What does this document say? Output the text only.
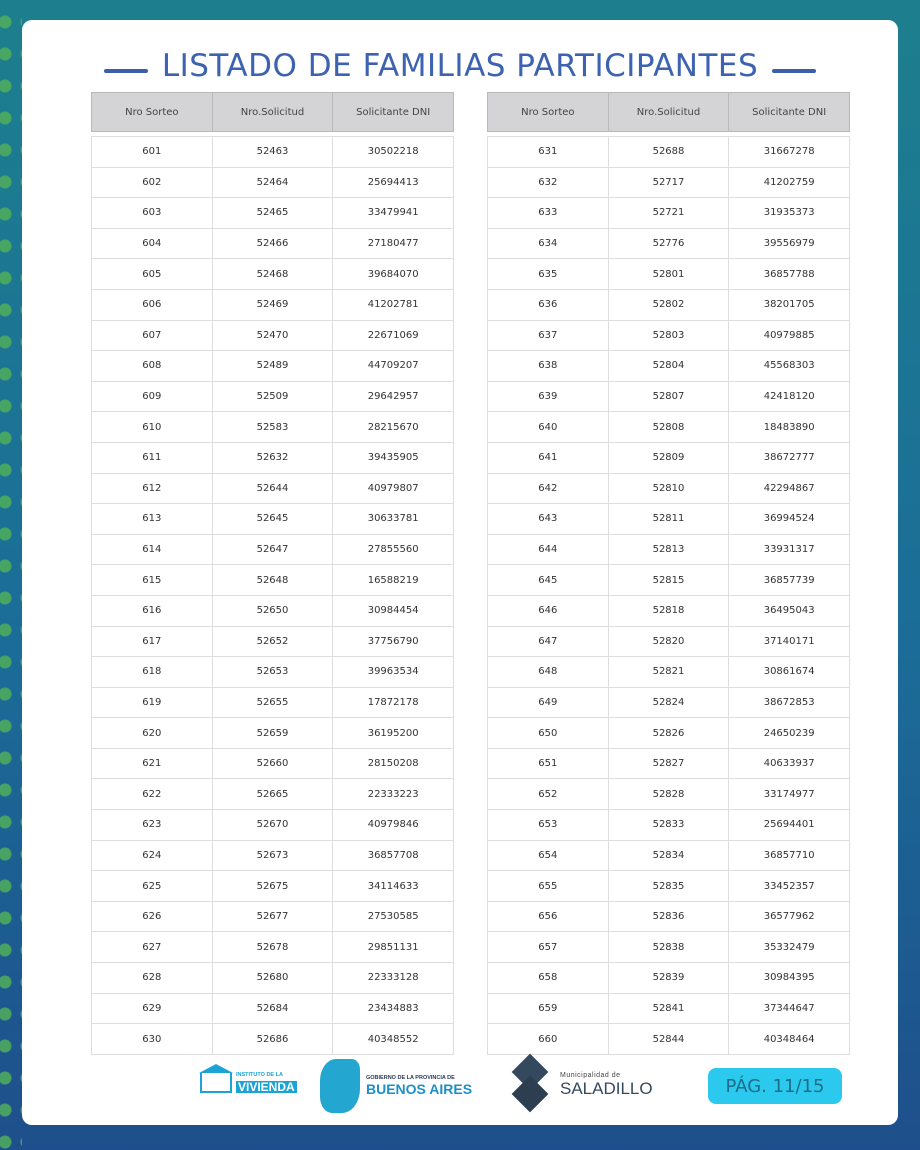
LISTADO DE FAMILIAS PARTICIPANTES
Nro Sorteo	Nro.Solicitud	Solicitante DNI

601	52463	30502218
602	52464	25694413
603	52465	33479941
604	52466	27180477
605	52468	39684070
606	52469	41202781
607	52470	22671069
608	52489	44709207
609	52509	29642957
610	52583	28215670
611	52632	39435905
612	52644	40979807
613	52645	30633781
614	52647	27855560
615	52648	16588219
616	52650	30984454
617	52652	37756790
618	52653	39963534
619	52655	17872178
620	52659	36195200
621	52660	28150208
622	52665	22333223
623	52670	40979846
624	52673	36857708
625	52675	34114633
626	52677	27530585
627	52678	29851131
628	52680	22333128
629	52684	23434883
630	52686	40348552
Nro Sorteo	Nro.Solicitud	Solicitante DNI

631	52688	31667278
632	52717	41202759
633	52721	31935373
634	52776	39556979
635	52801	36857788
636	52802	38201705
637	52803	40979885
638	52804	45568303
639	52807	42418120
640	52808	18483890
641	52809	38672777
642	52810	42294867
643	52811	36994524
644	52813	33931317
645	52815	36857739
646	52818	36495043
647	52820	37140171
648	52821	30861674
649	52824	38672853
650	52826	24650239
651	52827	40633937
652	52828	33174977
653	52833	25694401
654	52834	36857710
655	52835	33452357
656	52836	36577962
657	52838	35332479
658	52839	30984395
659	52841	37344647
660	52844	40348464
INSTITUTO DE LA
VIVIENDA
GOBIERNO DE LA PROVINCIA DE
BUENOS AIRES
Municipalidad de
SALADILLO	PÁG. 11/15
